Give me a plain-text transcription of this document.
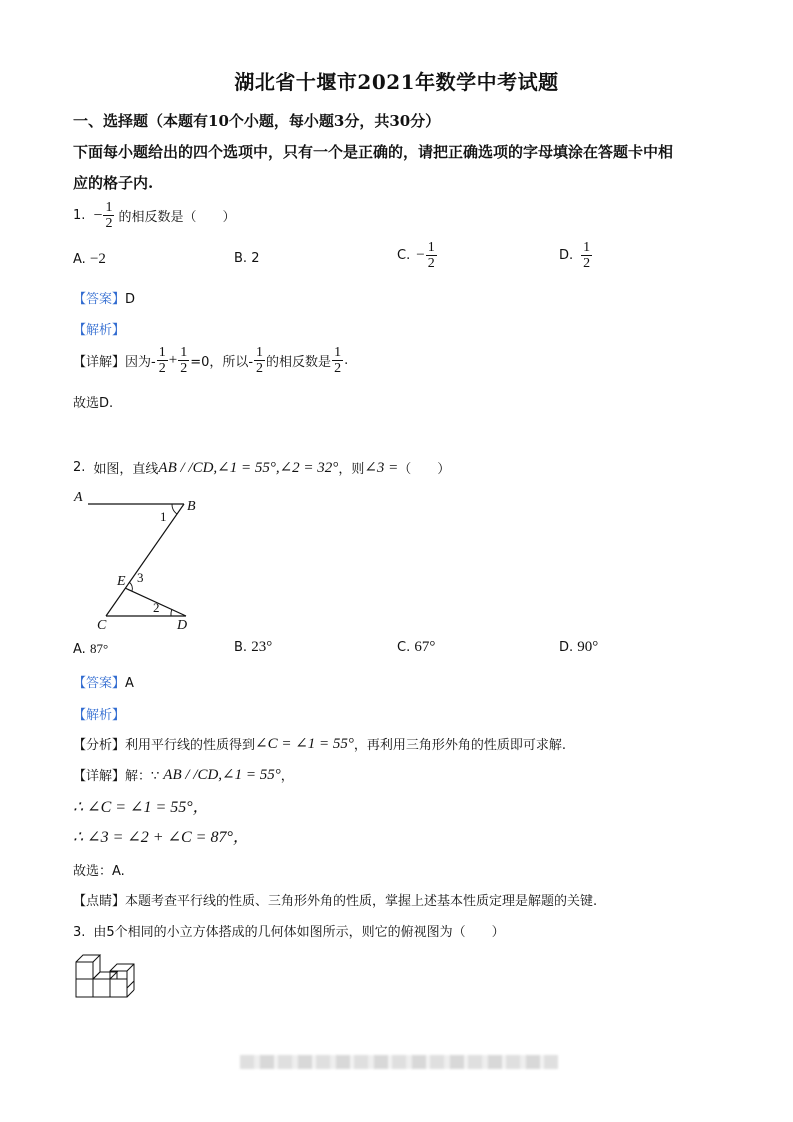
湖北省十堰市2021年数学中考试题
一、选择题（本题有10个小题，每小题3分，共30分）
下面每小题给出的四个选项中，只有一个是正确的，请把正确选项的字母填涂在答题卡中相
应的格子内.
1. − $\frac{1}{2}$ 的相反数是（　　）
A. −2	B. 2	C. − $\frac{1}{2}$	D. $\frac{1}{2}$
【答案】D
【解析】
【详解】 因为- $\frac{1}{2} + \frac{1}{2} =0$，所以- $\frac{1}{2}$ 的相反数是 $\frac{1}{2}$ .
故选D.
2. 如图，直线 AB / /CD,∠1 = 55°,∠2 = 32° ，则 ∠3 = （　　）
A
B
C	D
E
1
2
3
A. 87°	B. 23°	C. 67°	D. 90°
【答案】A
【解析】
【分析】 利用平行线的性质得到 ∠C = ∠1 = 55° ，再利用三角形外角的性质即可求解.
【详解】 解：∵ AB / /CD,∠1 = 55° ，
∴ ∠C = ∠1 = 55°，
∴ ∠3 = ∠2 + ∠C = 87°，
故选：A.
【点睛】本题考查平行线的性质、三角形外角的性质，掌握上述基本性质定理是解题的关键.
3. 由5个相同的小立方体搭成的几何体如图所示，则它的俯视图为（　　）
